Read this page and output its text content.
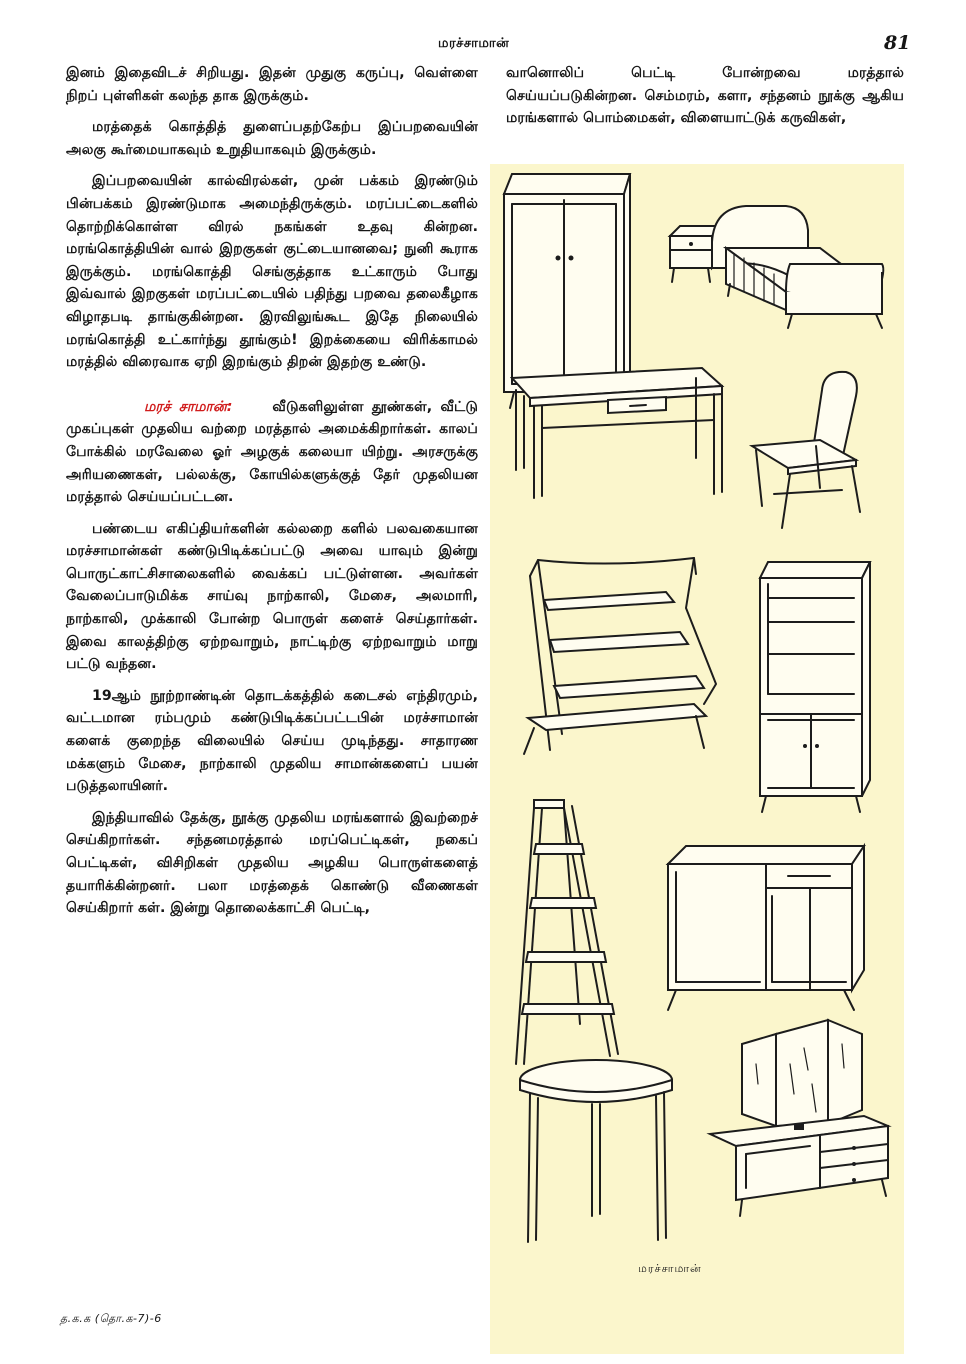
மரச்சாமான்	81

இனம் இதைவிடச் சிறியது. இதன் முதுகு கருப்பு, வெள்ளை நிறப் புள்ளிகள் கலந்த தாக இருக்கும்.

மரத்தைக் கொத்தித் துளைப்பதற்கேற்ப இப்பறவையின் அலகு கூர்மையாகவும் உறுதியாகவும் இருக்கும்.

இப்பறவையின் கால்விரல்கள், முன் பக்கம் இரண்டும் பின்பக்கம் இரண்டுமாக அமைந்திருக்கும். மரப்பட்டைகளில் தொற்றிக்கொள்ள விரல் நகங்கள் உதவு கின்றன. மரங்கொத்தியின் வால் இறகுகள் குட்டையானவை; நுனி கூராக இருக்கும். மரங்கொத்தி செங்குத்தாக உட்காரும் போது இவ்வால் இறகுகள் மரப்பட்டையில் பதிந்து பறவை தலைகீழாக விழாதபடி தாங்குகின்றன. இரவிலுங்கூட இதே நிலையில் மரங்கொத்தி உட்கார்ந்து தூங்கும்! இறக்கையை விரிக்காமல் மரத்தில் விரைவாக ஏறி இறங்கும் திறன் இதற்கு உண்டு.

மரச் சாமான்:	வீடுகளிலுள்ள தூண்கள், வீட்டு முகப்புகள் முதலிய வற்றை மரத்தால் அமைக்கிறார்கள். காலப் போக்கில் மரவேலை ஓர் அழகுக் கலையா யிற்று. அரசருக்கு அரியணைகள், பல்லக்கு, கோயில்களுக்குத் தேர் முதலியன மரத்தால் செய்யப்பட்டன.

பண்டைய எகிப்தியர்களின் கல்லறை களில் பலவகையான மரச்சாமான்கள் கண்டுபிடிக்கப்பட்டு அவை யாவும் இன்று பொருட்காட்சிசாலைகளில் வைக்கப் பட்டுள்ளன. அவர்கள் வேலைப்பாடுமிக்க சாய்வு நாற்காலி, மேசை, அலமாரி, நாற்காலி, முக்காலி போன்ற பொருள் களைச் செய்தார்கள். இவை காலத்திற்கு ஏற்றவாறும், நாட்டிற்கு ஏற்றவாறும் மாறு பட்டு வந்தன.

19ஆம் நூற்றாண்டின் தொடக்கத்தில் கடைசல் எந்திரமும், வட்டமான ரம்பமும் கண்டுபிடிக்கப்பட்டபின் மரச்சாமான் களைக் குறைந்த விலையில் செய்ய முடிந்தது. சாதாரண மக்களும் மேசை, நாற்காலி முதலிய சாமான்களைப் பயன் படுத்தலாயினர்.

இந்தியாவில் தேக்கு, நூக்கு முதலிய மரங்களால் இவற்றைச் செய்கிறார்கள். சந்தனமரத்தால் மரப்பெட்டிகள், நகைப் பெட்டிகள், விசிறிகள் முதலிய அழகிய பொருள்களைத் தயாரிக்கின்றனர். பலா மரத்தைக் கொண்டு வீணைகள் செய்கிறார் கள். இன்று தொலைக்காட்சி பெட்டி,

வானொலிப் பெட்டி போன்றவை மரத்தால் செய்யப்படுகின்றன. செம்மரம், களா, சந்தனம் நூக்கு ஆகிய மரங்களால் பொம்மைகள், விளையாட்டுக் கருவிகள்,

மரச்சாமான்
த.க.க (தொ.க-7)-6
